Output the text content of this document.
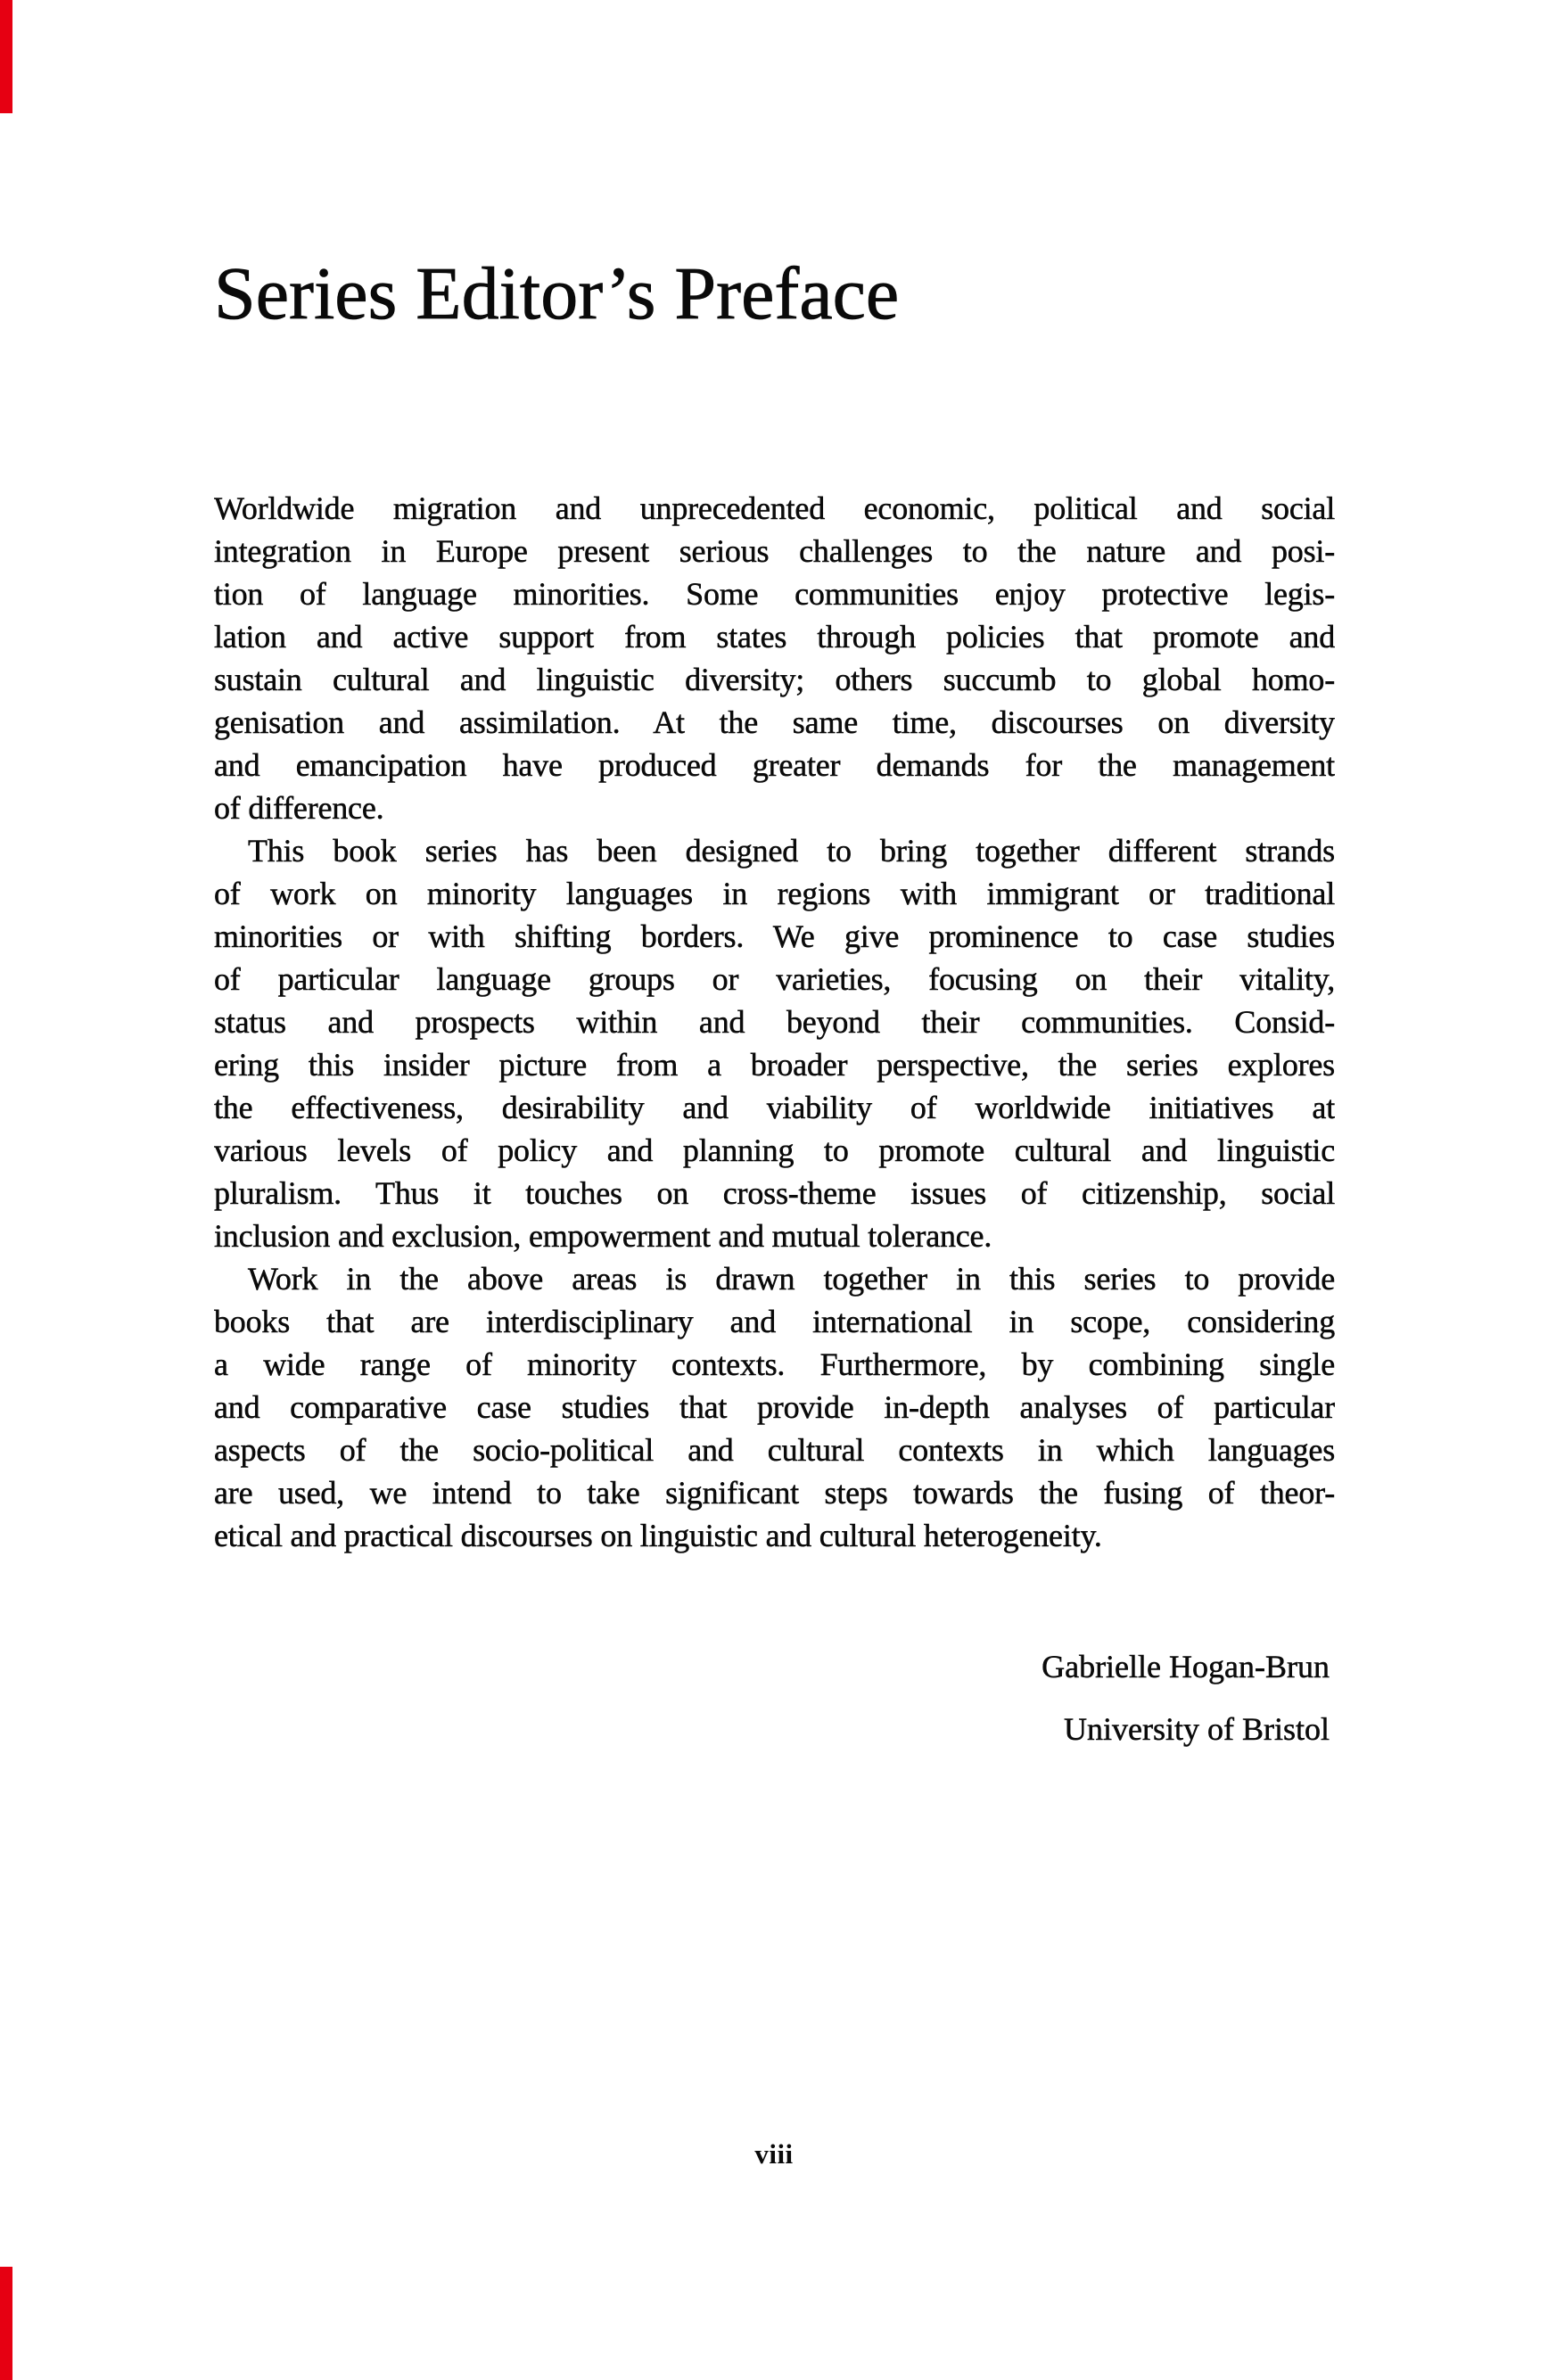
Series Editor’s Preface
Worldwide migration and unprecedented economic, political and social
integration in Europe present serious challenges to the nature and posi-
tion of language minorities. Some communities enjoy protective legis-
lation and active support from states through policies that promote and
sustain cultural and linguistic diversity; others succumb to global homo-
genisation and assimilation. At the same time, discourses on diversity
and emancipation have produced greater demands for the management
of difference.
This book series has been designed to bring together different strands
of work on minority languages in regions with immigrant or traditional
minorities or with shifting borders. We give prominence to case studies
of particular language groups or varieties, focusing on their vitality,
status and prospects within and beyond their communities. Consid-
ering this insider picture from a broader perspective, the series explores
the effectiveness, desirability and viability of worldwide initiatives at
various levels of policy and planning to promote cultural and linguistic
pluralism. Thus it touches on cross-theme issues of citizenship, social
inclusion and exclusion, empowerment and mutual tolerance.
Work in the above areas is drawn together in this series to provide
books that are interdisciplinary and international in scope, considering
a wide range of minority contexts. Furthermore, by combining single
and comparative case studies that provide in-depth analyses of particular
aspects of the socio-political and cultural contexts in which languages
are used, we intend to take significant steps towards the fusing of theor-
etical and practical discourses on linguistic and cultural heterogeneity.
Gabrielle Hogan-Brun
University of Bristol
viii
